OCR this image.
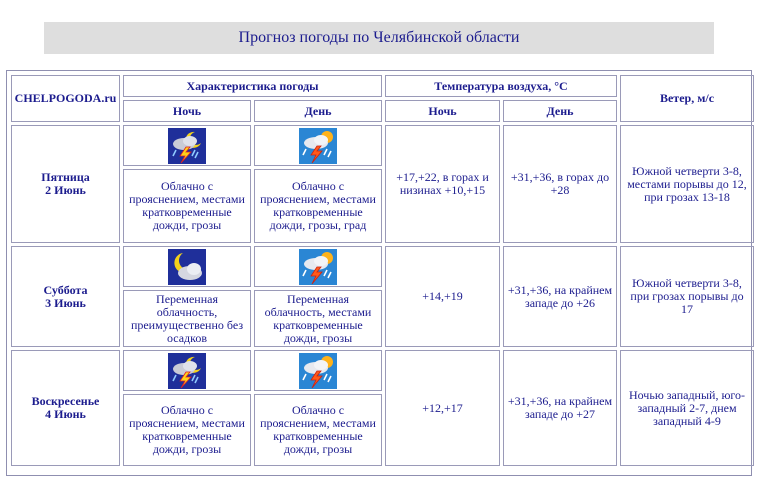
Прогноз погоды по Челябинской области
CHELPOGODA.ru	Характеристика погоды		Температура воздуха, °C		Ветер, м/с
	Ночь	День	Ночь	День	
Пятница
2 Июнь			+17,+22, в горах и низинах +10,+15	+31,+36, в горах до +28	Южной четверти 3-8, местами порывы до 12, при грозах 13-18
	Облачно с прояснением, местами кратковременные дожди, грозы	Облачно с прояснением, местами кратковременные дожди, грозы, град			
Суббота
3 Июнь			+14,+19	+31,+36, на крайнем западе до +26	Южной четверти 3-8, при грозах порывы до 17
	Переменная облачность, преимущественно без осадков	Переменная облачность, местами кратковременные дожди, грозы			
Воскресенье
4 Июнь			+12,+17	+31,+36, на крайнем западе до +27	Ночью западный, юго-западный 2-7, днем западный 4-9
	Облачно с прояснением, местами кратковременные дожди, грозы	Облачно с прояснением, местами кратковременные дожди, грозы			
